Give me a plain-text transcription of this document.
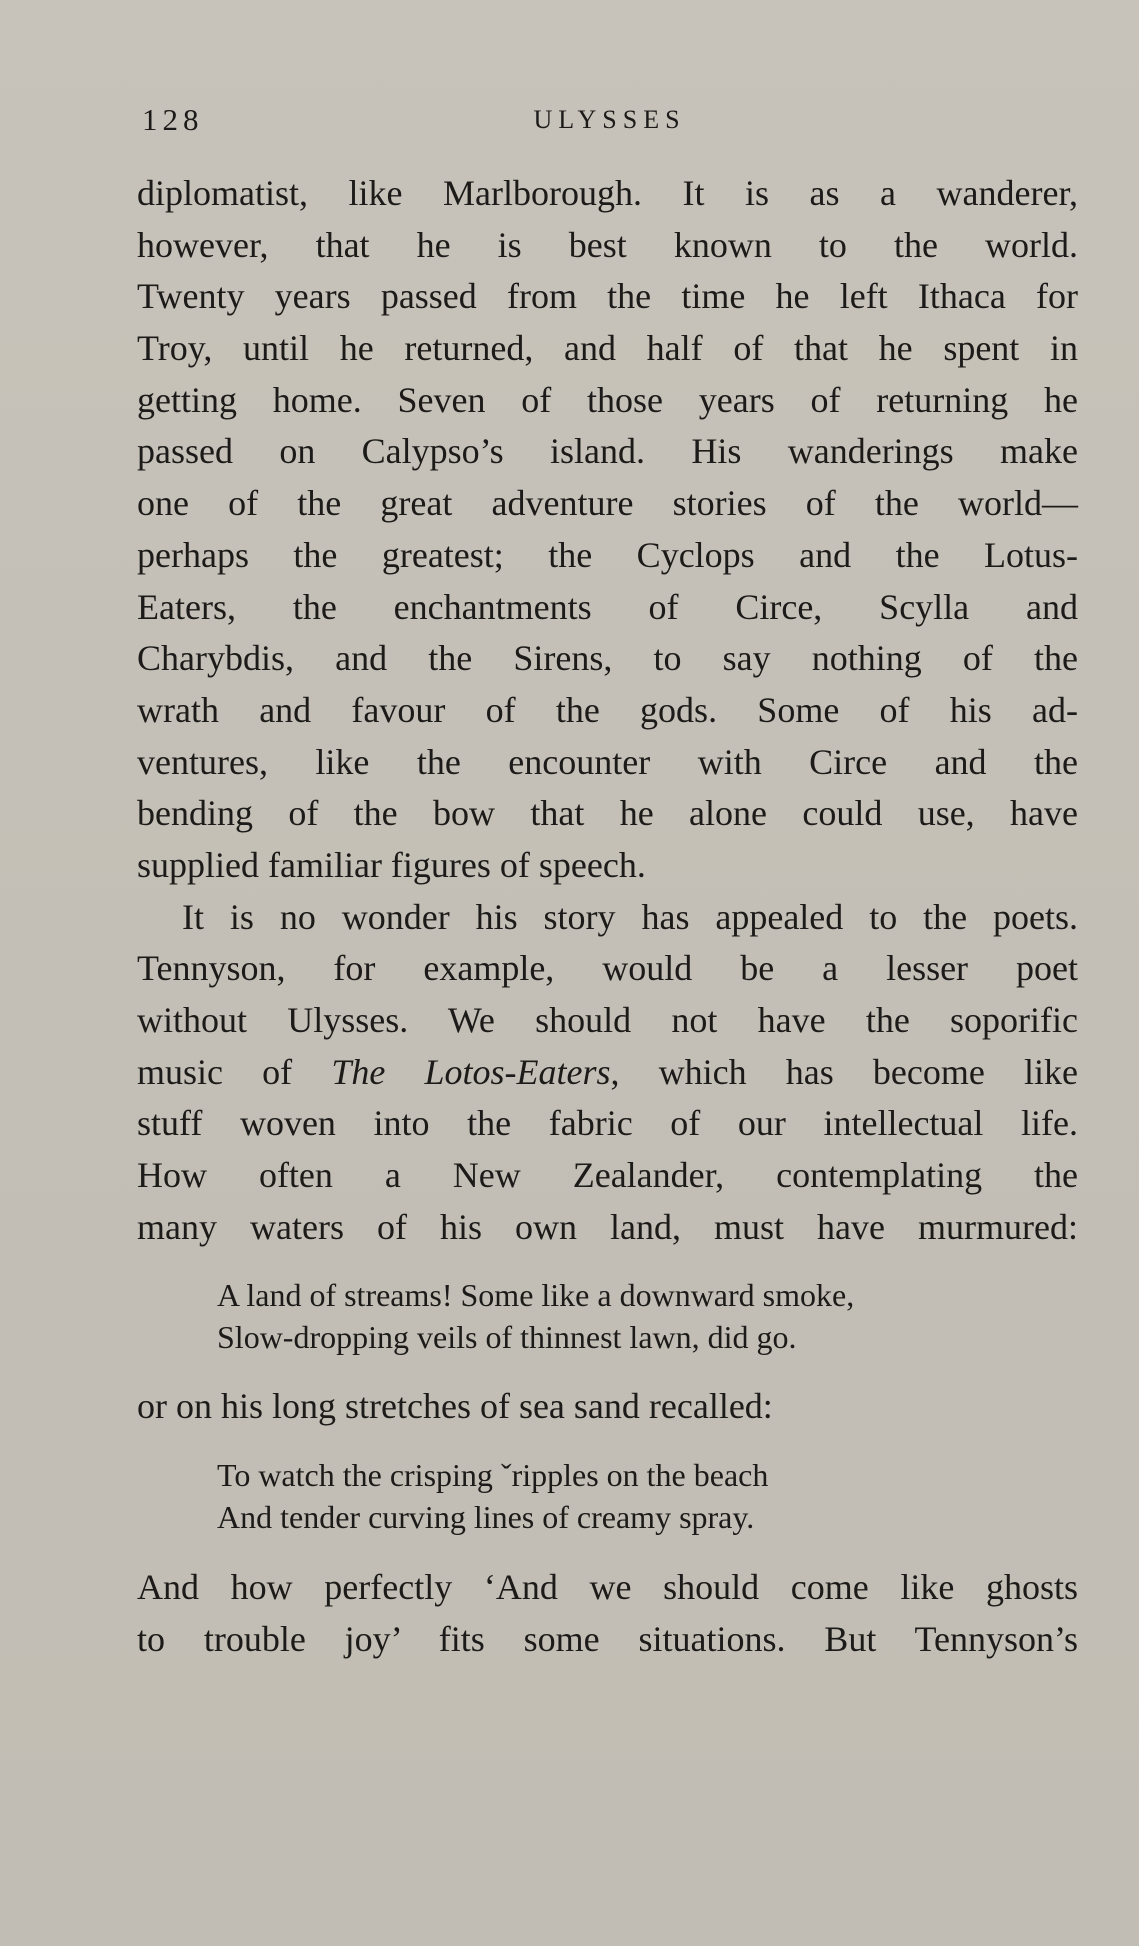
128	ULYSSES
diplomatist, like Marlborough. It is as a wanderer,
however, that he is best known to the world.
Twenty years passed from the time he left Ithaca for
Troy, until he returned, and half of that he spent in
getting home. Seven of those years of returning he
passed on Calypso’s island. His wanderings make
one of the great adventure stories of the world—
perhaps the greatest; the Cyclops and the Lotus-
Eaters, the enchantments of Circe, Scylla and
Charybdis, and the Sirens, to say nothing of the
wrath and favour of the gods. Some of his ad-
ventures, like the encounter with Circe and the
bending of the bow that he alone could use, have
supplied familiar figures of speech.
It is no wonder his story has appealed to the poets.
Tennyson, for example, would be a lesser poet
without Ulysses. We should not have the soporific
music of The Lotos-Eaters, which has become like
stuff woven into the fabric of our intellectual life.
How often a New Zealander, contemplating the
many waters of his own land, must have murmured:
A land of streams! Some like a downward smoke,
Slow-dropping veils of thinnest lawn, did go.
or on his long stretches of sea sand recalled:
To watch the crisping ˇripples on the beach
And tender curving lines of creamy spray.
And how perfectly ‘And we should come like ghosts
to trouble joy’ fits some situations. But Tennyson’s
